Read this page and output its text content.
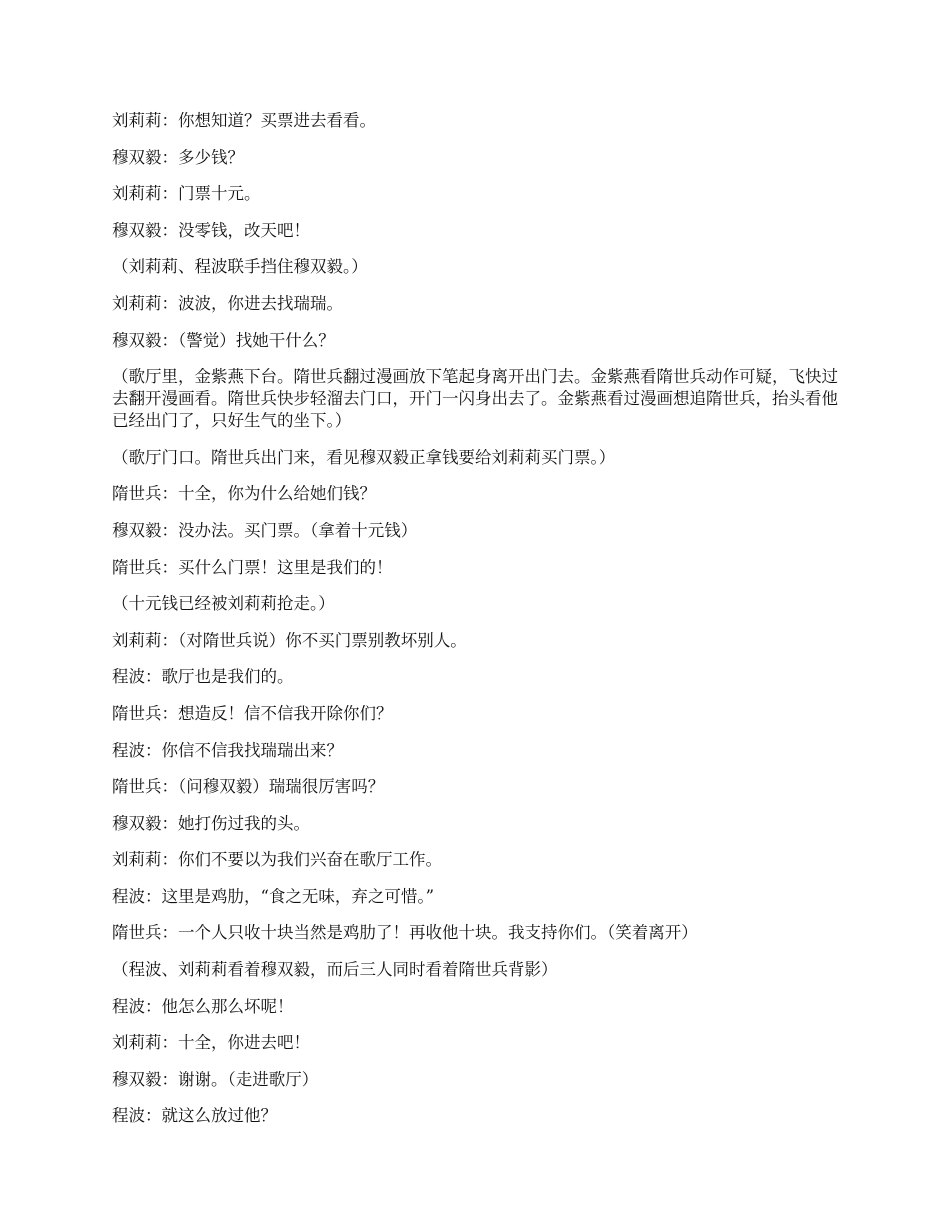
刘莉莉：你想知道？买票进去看看。

穆双毅：多少钱？

刘莉莉：门票十元。

穆双毅：没零钱，改天吧！

（刘莉莉、程波联手挡住穆双毅。）

刘莉莉：波波，你进去找瑞瑞。

穆双毅：（警觉）找她干什么？

（歌厅里，金紫燕下台。隋世兵翻过漫画放下笔起身离开出门去。金紫燕看隋世兵动作可疑，飞快过去翻开漫画看。隋世兵快步轻溜去门口，开门一闪身出去了。金紫燕看过漫画想追隋世兵，抬头看他已经出门了，只好生气的坐下。）

（歌厅门口。隋世兵出门来，看见穆双毅正拿钱要给刘莉莉买门票。）

隋世兵：十全，你为什么给她们钱？

穆双毅：没办法。买门票。（拿着十元钱）

隋世兵：买什么门票！这里是我们的！

（十元钱已经被刘莉莉抢走。）

刘莉莉：（对隋世兵说）你不买门票别教坏别人。

程波：歌厅也是我们的。

隋世兵：想造反！信不信我开除你们？

程波：你信不信我找瑞瑞出来？

隋世兵：（问穆双毅）瑞瑞很厉害吗？

穆双毅：她打伤过我的头。

刘莉莉：你们不要以为我们兴奋在歌厅工作。

程波：这里是鸡肋，“食之无味，弃之可惜。”

隋世兵：一个人只收十块当然是鸡肋了！再收他十块。我支持你们。（笑着离开）

（程波、刘莉莉看着穆双毅，而后三人同时看着隋世兵背影）

程波：他怎么那么坏呢！

刘莉莉：十全，你进去吧！

穆双毅：谢谢。（走进歌厅）

程波：就这么放过他？
